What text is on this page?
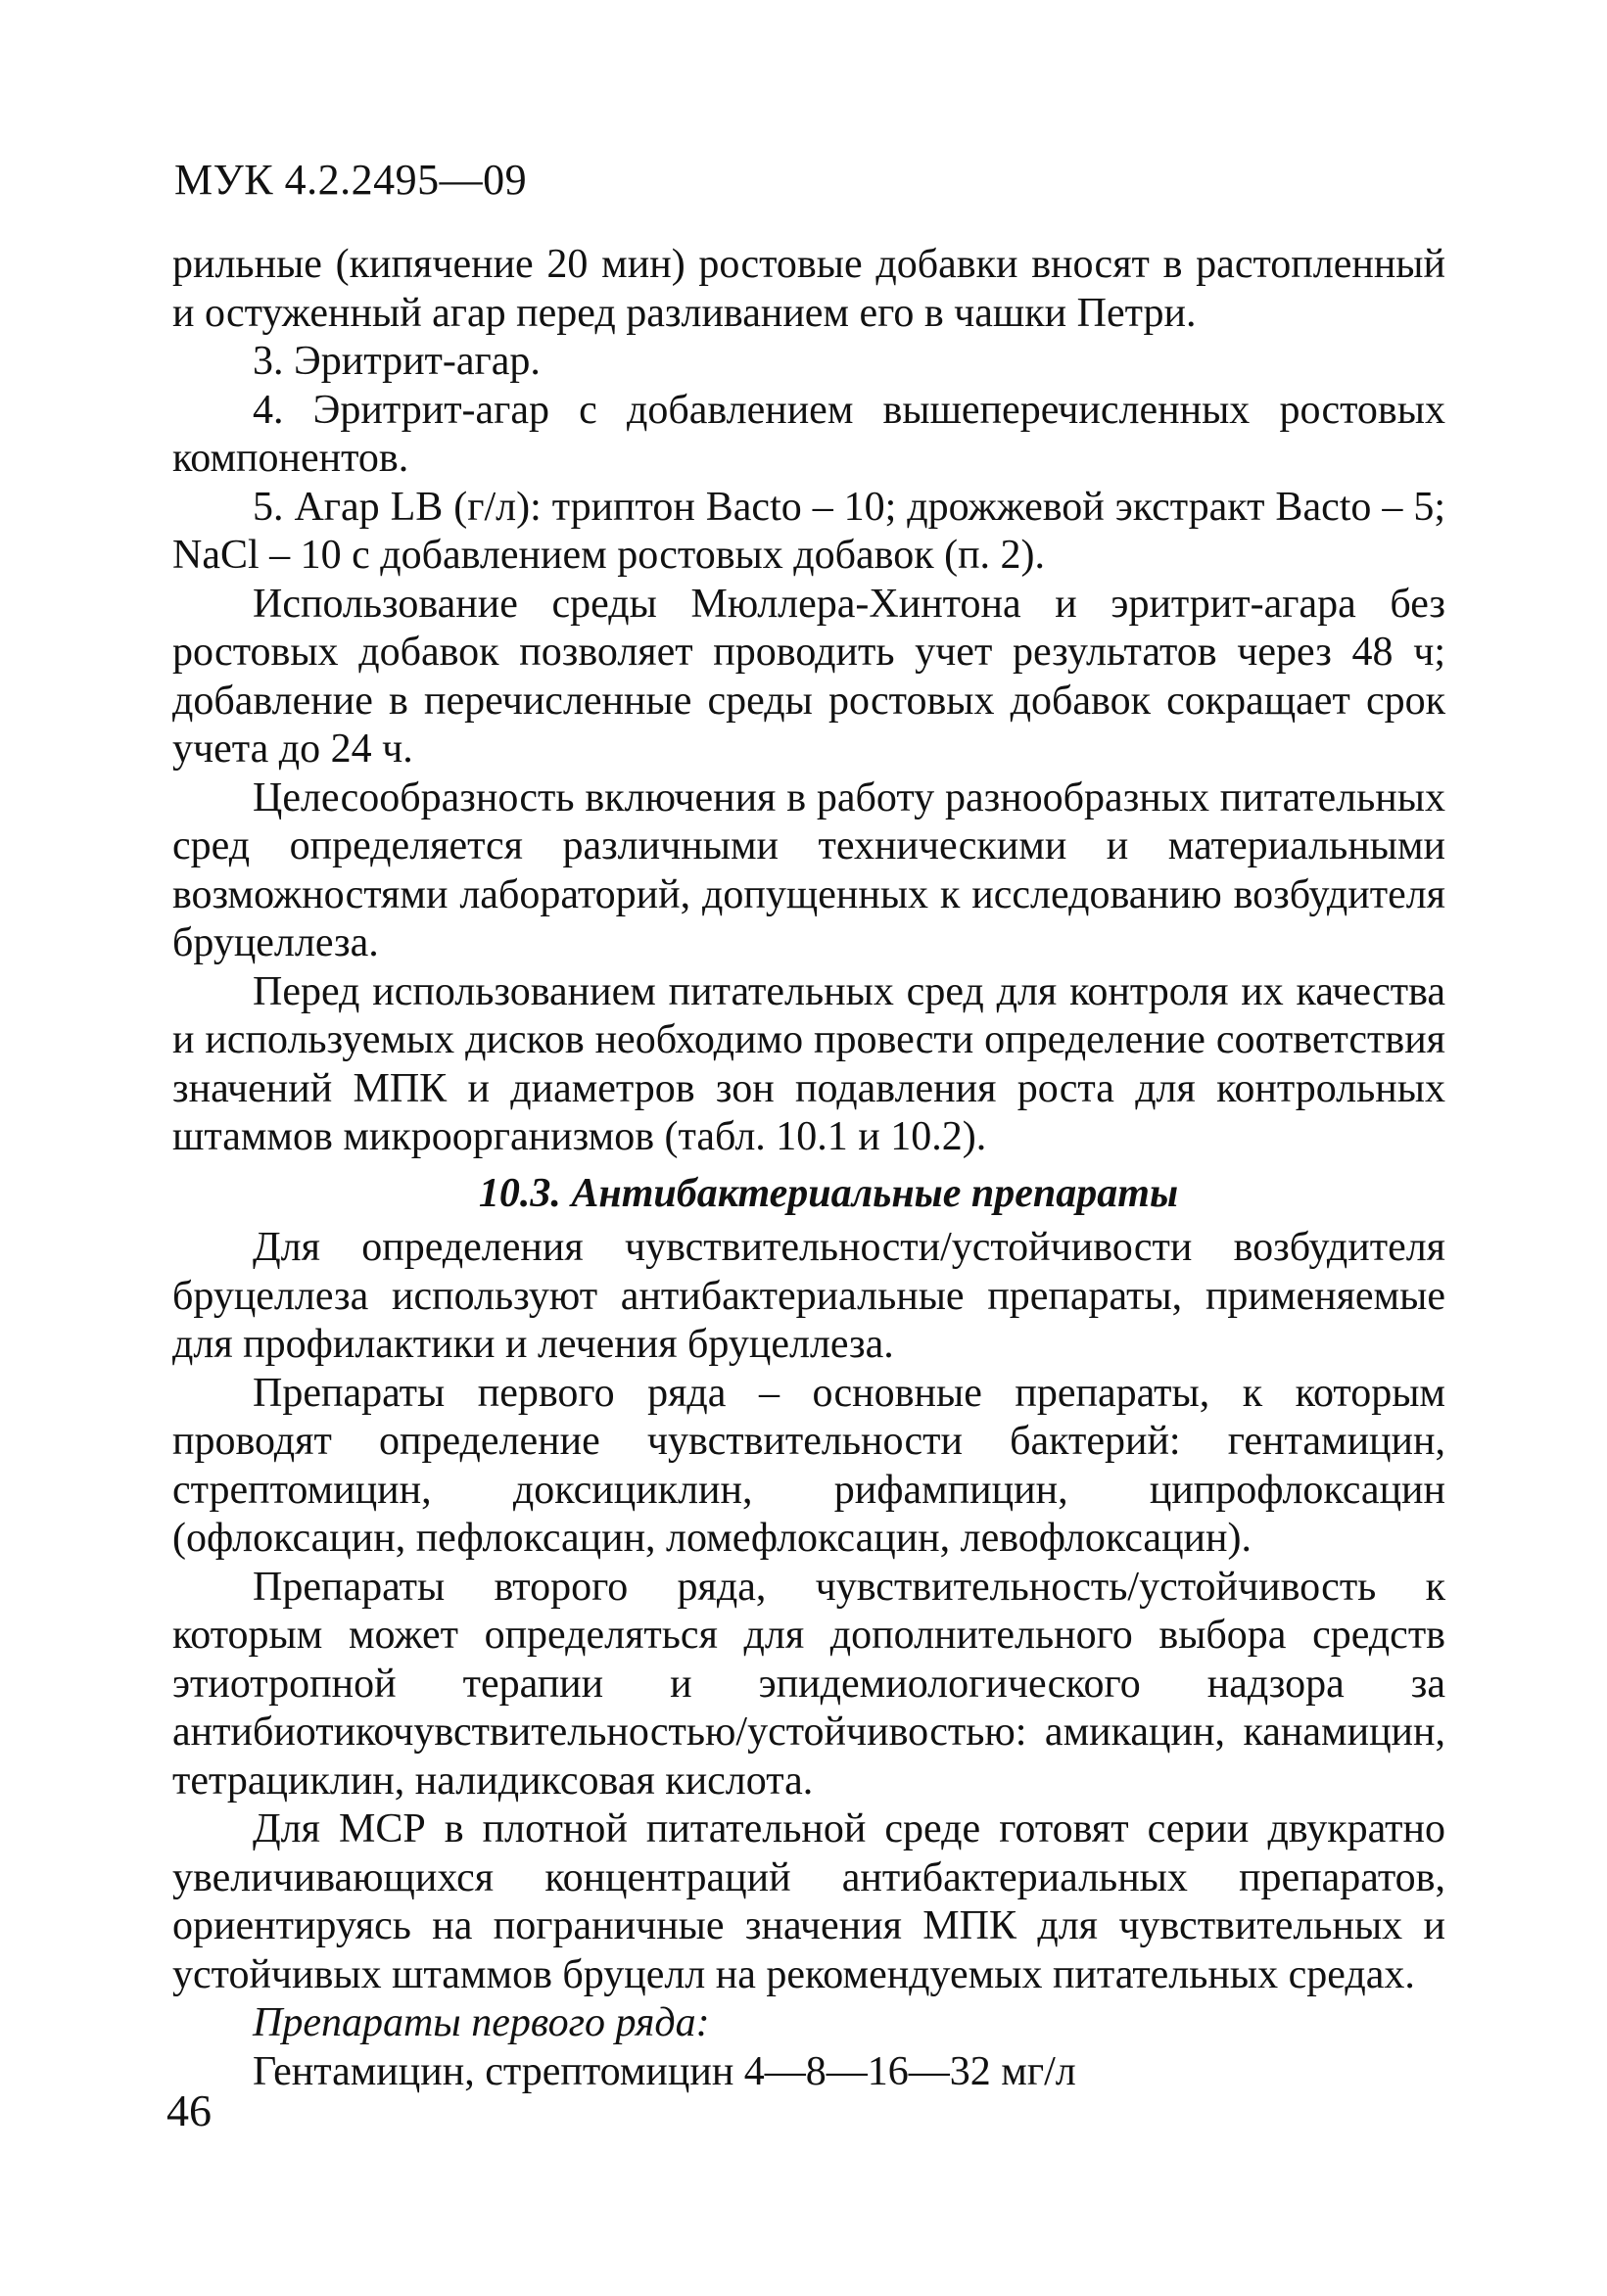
МУК 4.2.2495—09

рильные (кипячение 20 мин) ростовые добавки вносят в растопленный и остуженный агар перед разливанием его в чашки Петри.

3. Эритрит-агар.

4. Эритрит-агар с добавлением вышеперечисленных ростовых компонентов.

5. Агар LB (г/л): триптон Bacto – 10; дрожжевой экстракт Bacto – 5; NaCl – 10 с добавлением ростовых добавок (п. 2).

Использование среды Мюллера-Хинтона и эритрит-агара без ростовых добавок позволяет проводить учет результатов через 48 ч; добавление в перечисленные среды ростовых добавок сокращает срок учета до 24 ч.

Целесообразность включения в работу разнообразных питательных сред определяется различными техническими и материальными возможностями лабораторий, допущенных к исследованию возбудителя бруцеллеза.

Перед использованием питательных сред для контроля их качества и используемых дисков необходимо провести определение соответствия значений МПК и диаметров зон подавления роста для контрольных штаммов микроорганизмов (табл. 10.1 и 10.2).

10.3. Антибактериальные препараты

Для определения чувствительности/устойчивости возбудителя бруцеллеза используют антибактериальные препараты, применяемые для профилактики и лечения бруцеллеза.

Препараты первого ряда – основные препараты, к которым проводят определение чувствительности бактерий: гентамицин, стрептомицин, доксициклин, рифампицин, ципрофлоксацин (офлоксацин, пефлоксацин, ломефлоксацин, левофлоксацин).

Препараты второго ряда, чувствительность/устойчивость к которым может определяться для дополнительного выбора средств этиотропной терапии и эпидемиологического надзора за антибиотикочувствительностью/устойчивостью: амикацин, канамицин, тетрациклин, налидиксовая кислота.

Для МСР в плотной питательной среде готовят серии двукратно увеличивающихся концентраций антибактериальных препаратов, ориентируясь на пограничные значения МПК для чувствительных и устойчивых штаммов бруцелл на рекомендуемых питательных средах.

Препараты первого ряда:

Гентамицин, стрептомицин 4—8—16—32 мг/л

46
